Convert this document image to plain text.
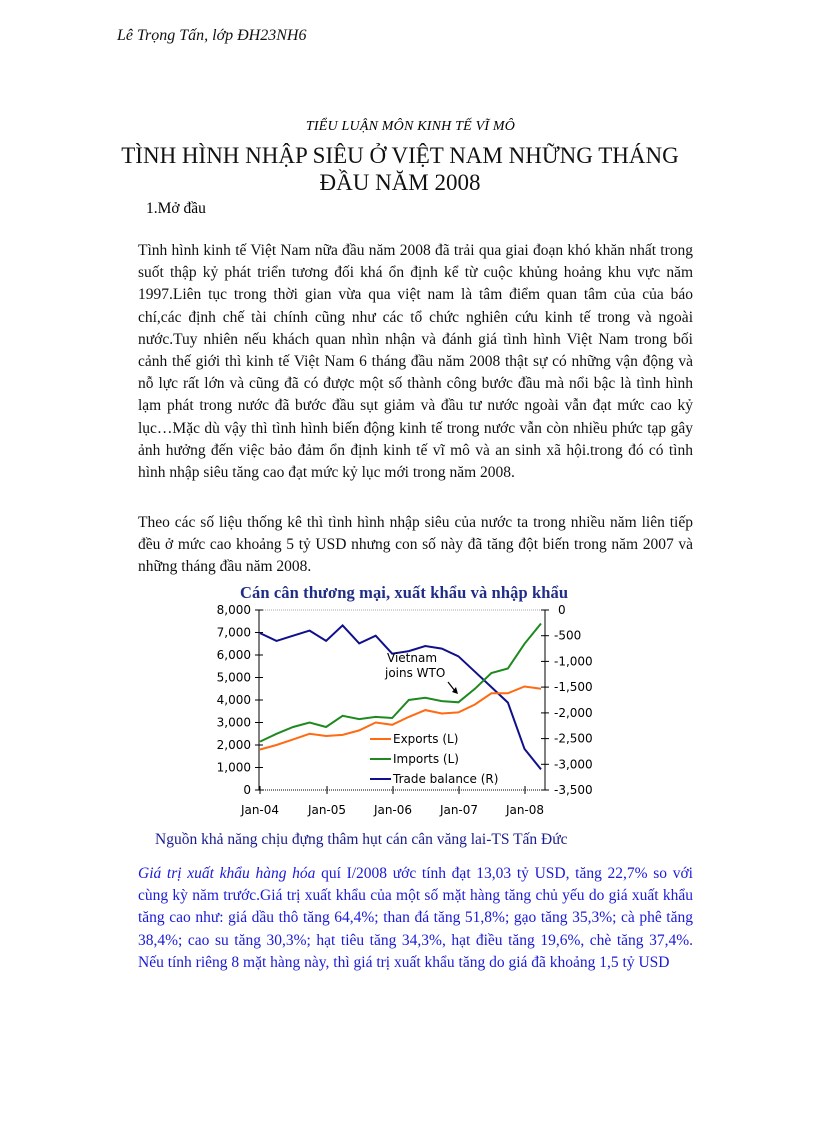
Lê Trọng Tấn, lớp ĐH23NH6
TIỂU LUẬN MÔN KINH TẾ VĨ MÔ
TÌNH HÌNH NHẬP SIÊU Ở VIỆT NAM NHỮNG THÁNG ĐẦU NĂM 2008
1.Mở đầu
Tình hình kinh tế Việt Nam nữa đầu năm 2008 đã trải qua giai đoạn khó khăn nhất trong suốt thập kỷ phát triển tương đối khá ổn định kể từ cuộc khủng hoảng khu vực năm 1997.Liên tục trong thời gian vừa qua việt nam là tâm điểm quan tâm của của báo chí,các định chế tài chính cũng như các tổ chức nghiên cứu kinh tế trong và ngoài nước.Tuy nhiên nếu khách quan nhìn nhận và đánh giá tình hình Việt Nam trong bối cảnh thế giới thì kinh tế Việt Nam 6 tháng đầu năm 2008 thật sự có những vận động và nỗ lực rất lớn và cũng đã có được một số thành công bước đầu mà nổi bậc là tình hình lạm phát trong nước đã bước đầu sụt giảm và đầu tư nước ngoài vẫn đạt mức cao kỷ lục…Mặc dù vậy thì tình hình biến động kinh tế trong nước vẫn còn nhiều phức tạp gây ảnh hưởng đến việc bảo đảm ổn định kinh tế vĩ mô và an sinh xã hội.trong đó có tình hình nhập siêu tăng cao đạt mức kỷ lục mới trong năm 2008.
Theo các số liệu thống kê thì tình hình nhập siêu của nước ta trong nhiều năm liên tiếp đều ở mức cao khoảng 5 tỷ USD nhưng con số này đã tăng đột biến trong năm 2007 và những tháng đầu năm 2008.
Cán cân thương mại, xuất khẩu và nhập khẩu
8,000
7,000
6,000
5,000
4,000
3,000
2,000
1,000
0
0
-500
-1,000
-1,500
-2,000
-2,500
-3,000
-3,500
Jan-04 Jan-05 Jan-06 Jan-07 Jan-08
Vietnam
joins WTO
Exports (L)
Imports (L)
Trade balance (R)
Nguồn khả năng chịu đựng thâm hụt cán cân văng lai-TS Tấn Đức
Giá trị xuất khẩu hàng hóa quí I/2008 ước tính đạt 13,03 tỷ USD, tăng 22,7% so với cùng kỳ năm trước.Giá trị xuất khẩu của một số mặt hàng tăng chủ yếu do giá xuất khẩu tăng cao như: giá dầu thô tăng 64,4%; than đá tăng 51,8%; gạo tăng 35,3%; cà phê tăng 38,4%; cao su tăng 30,3%; hạt tiêu tăng 34,3%, hạt điều tăng 19,6%, chè tăng 37,4%. Nếu tính riêng 8 mặt hàng này, thì giá trị xuất khẩu tăng do giá đã khoảng 1,5 tỷ USD
